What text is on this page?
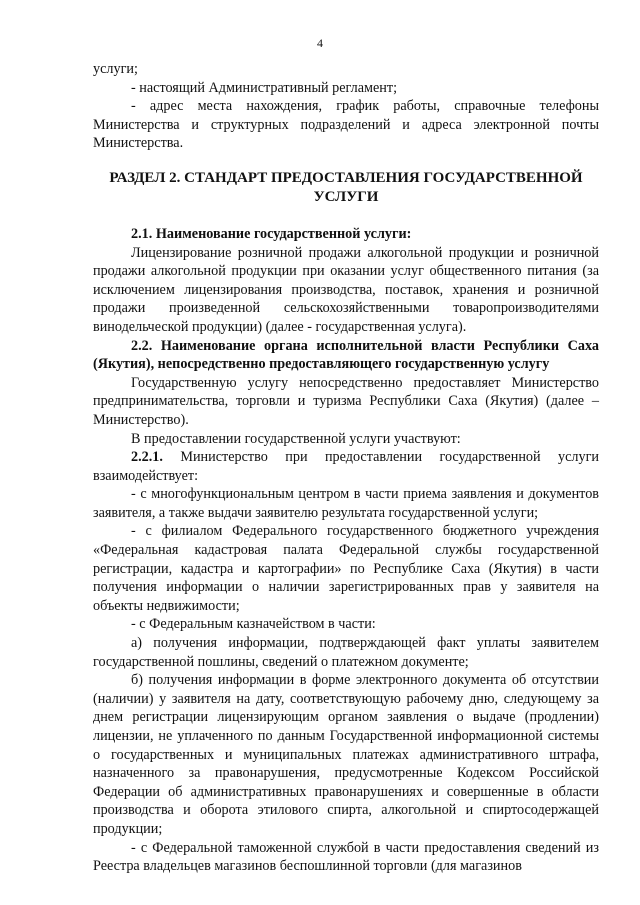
4

услуги;

- настоящий Административный регламент;

- адрес места нахождения, график работы, справочные телефоны Министерства и структурных подразделений и адреса электронной почты Министерства.

РАЗДЕЛ 2. СТАНДАРТ ПРЕДОСТАВЛЕНИЯ ГОСУДАРСТВЕННОЙ УСЛУГИ

2.1. Наименование государственной услуги:

Лицензирование розничной продажи алкогольной продукции и розничной продажи алкогольной продукции при оказании услуг общественного питания (за исключением лицензирования производства, поставок, хранения и розничной продажи произведенной сельскохозяйственными товаропроизводителями винодельческой продукции) (далее - государственная услуга).

2.2. Наименование органа исполнительной власти Республики Саха (Якутия), непосредственно предоставляющего государственную услугу

Государственную услугу непосредственно предоставляет Министерство предпринимательства, торговли и туризма Республики Саха (Якутия) (далее – Министерство).

В предоставлении государственной услуги участвуют:

2.2.1. Министерство при предоставлении государственной услуги взаимодействует:

- с многофункциональным центром в части приема заявления и документов заявителя, а также выдачи заявителю результата государственной услуги;

- с филиалом Федерального государственного бюджетного учреждения «Федеральная кадастровая палата Федеральной службы государственной регистрации, кадастра и картографии» по Республике Саха (Якутия) в части получения информации о наличии зарегистрированных прав у заявителя на объекты недвижимости;

- с Федеральным казначейством в части:

а) получения информации, подтверждающей факт уплаты заявителем государственной пошлины, сведений о платежном документе;

б) получения информации в форме электронного документа об отсутствии (наличии) у заявителя на дату, соответствующую рабочему дню, следующему за днем регистрации лицензирующим органом заявления о выдаче (продлении) лицензии, не уплаченного по данным Государственной информационной системы о государственных и муниципальных платежах административного штрафа, назначенного за правонарушения, предусмотренные Кодексом Российской Федерации об административных правонарушениях и совершенные в области производства и оборота этилового спирта, алкогольной и спиртосодержащей продукции;

- с Федеральной таможенной службой в части предоставления сведений из Реестра владельцев магазинов беспошлинной торговли (для магазинов
